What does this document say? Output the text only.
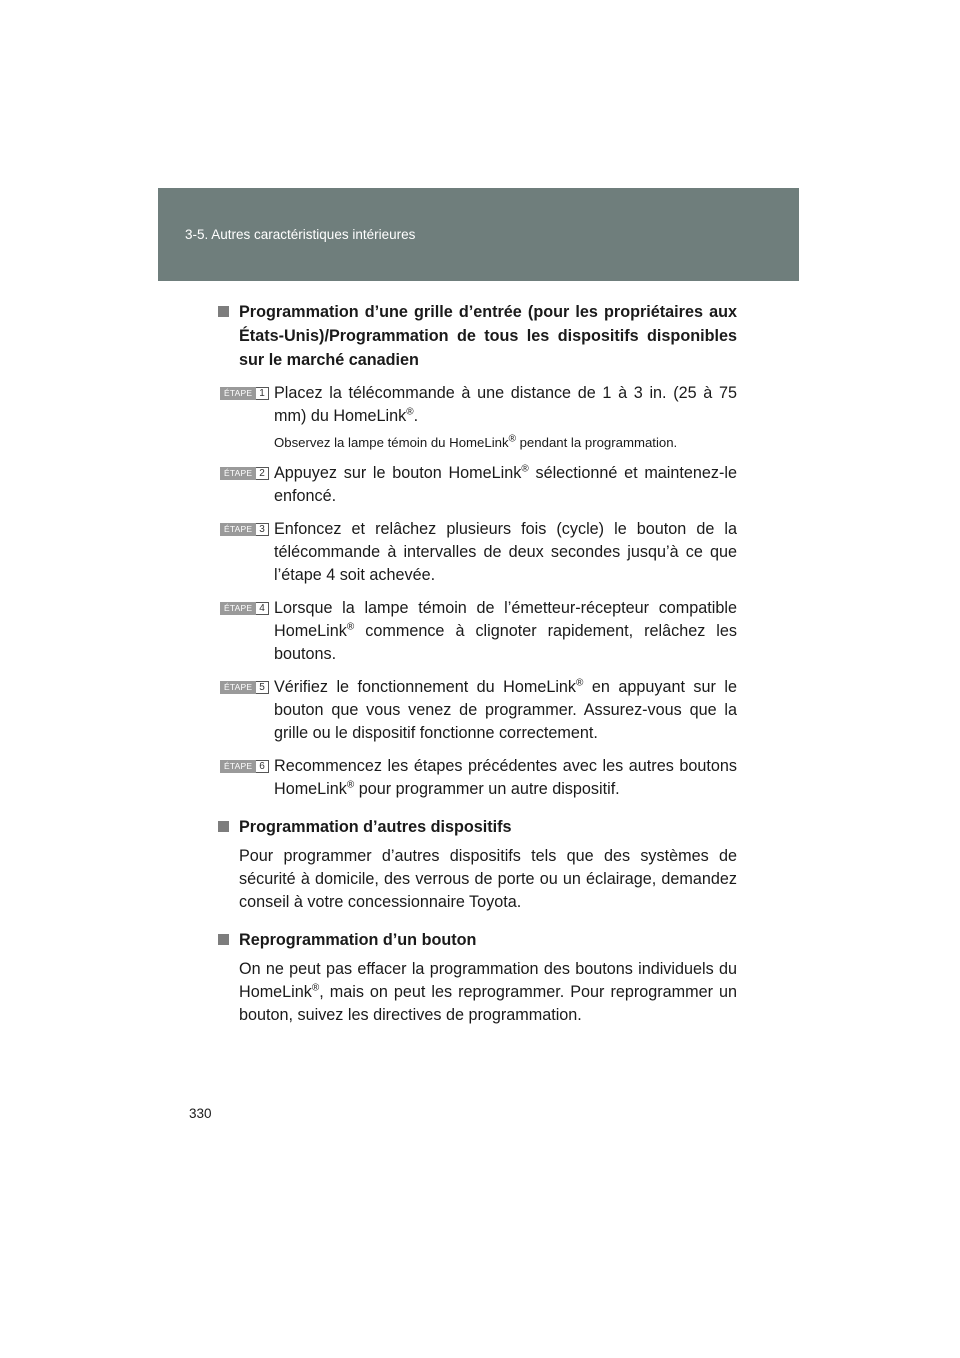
3-5. Autres caractéristiques intérieures
Programmation d’une grille d’entrée (pour les propriétaires aux États-Unis)/Programmation de tous les dispositifs disponibles sur le marché canadien
ÉTAPE 1 Placez la télécommande à une distance de 1 à 3 in. (25 à 75 mm) du HomeLink®.
Observez la lampe témoin du HomeLink® pendant la programmation.
ÉTAPE 2 Appuyez sur le bouton HomeLink® sélectionné et maintenez-le enfoncé.
ÉTAPE 3 Enfoncez et relâchez plusieurs fois (cycle) le bouton de la télécommande à intervalles de deux secondes jusqu’à ce que l’étape 4 soit achevée.
ÉTAPE 4 Lorsque la lampe témoin de l’émetteur-récepteur compatible HomeLink® commence à clignoter rapidement, relâchez les boutons.
ÉTAPE 5 Vérifiez le fonctionnement du HomeLink® en appuyant sur le bouton que vous venez de programmer. Assurez-vous que la grille ou le dispositif fonctionne correctement.
ÉTAPE 6 Recommencez les étapes précédentes avec les autres boutons HomeLink® pour programmer un autre dispositif.
Programmation d’autres dispositifs
Pour programmer d’autres dispositifs tels que des systèmes de sécurité à domicile, des verrous de porte ou un éclairage, demandez conseil à votre concessionnaire Toyota.
Reprogrammation d’un bouton
On ne peut pas effacer la programmation des boutons individuels du HomeLink®, mais on peut les reprogrammer. Pour reprogrammer un bouton, suivez les directives de programmation.
330
